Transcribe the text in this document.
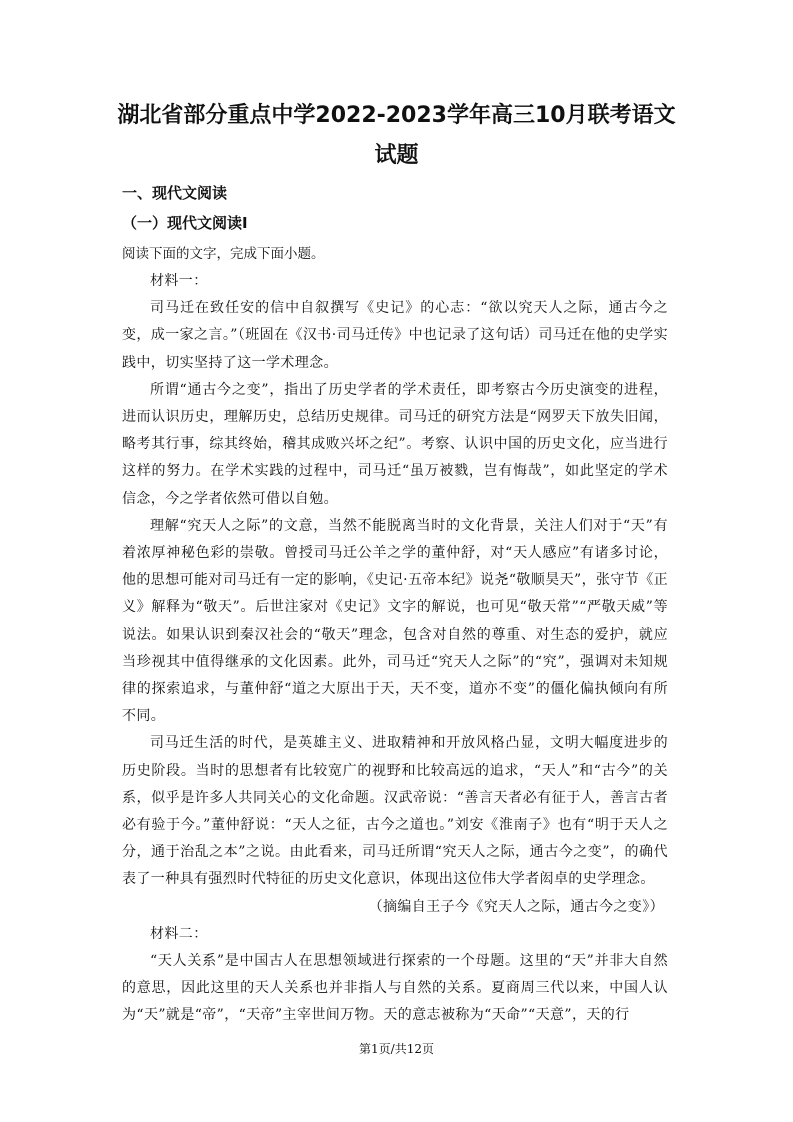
湖北省部分重点中学2022-2023学年高三10月联考语文试题
一、现代文阅读
（一）现代文阅读Ⅰ
阅读下面的文字，完成下面小题。

材料一：

司马迁在致任安的信中自叙撰写《史记》的心志：“欲以究天人之际，通古今之变，成一家之言。”（班固在《汉书·司马迁传》中也记录了这句话）司马迁在他的史学实践中，切实坚持了这一学术理念。

所谓“通古今之变”，指出了历史学者的学术责任，即考察古今历史演变的进程，进而认识历史，理解历史，总结历史规律。司马迁的研究方法是“网罗天下放失旧闻，略考其行事，综其终始，稽其成败兴坏之纪”。考察、认识中国的历史文化，应当进行这样的努力。在学术实践的过程中，司马迁“虽万被戮，岂有悔哉”，如此坚定的学术信念，今之学者依然可借以自勉。

理解“究天人之际”的文意，当然不能脱离当时的文化背景，关注人们对于“天”有着浓厚神秘色彩的崇敬。曾授司马迁公羊之学的董仲舒，对“天人感应”有诸多讨论，他的思想可能对司马迁有一定的影响，《史记·五帝本纪》说尧“敬顺昊天”，张守节《正义》解释为“敬天”。后世注家对《史记》文字的解说，也可见“敬天常”“严敬天威”等说法。如果认识到秦汉社会的“敬天”理念，包含对自然的尊重、对生态的爱护，就应当珍视其中值得继承的文化因素。此外，司马迁“究天人之际”的“究”，强调对未知规律的探索追求，与董仲舒“道之大原出于天，天不变，道亦不变”的僵化偏执倾向有所不同。

司马迁生活的时代，是英雄主义、进取精神和开放风格凸显，文明大幅度进步的历史阶段。当时的思想者有比较宽广的视野和比较高远的追求，“天人”和“古今”的关系，似乎是许多人共同关心的文化命题。汉武帝说：“善言天者必有征于人，善言古者必有验于今。”董仲舒说：“天人之征，古今之道也。”刘安《淮南子》也有“明于天人之分，通于治乱之本”之说。由此看来，司马迁所谓“究天人之际，通古今之变”，的确代表了一种具有强烈时代特征的历史文化意识，体现出这位伟大学者闳卓的史学理念。

（摘编自王子今《究天人之际，通古今之变》）

材料二：

“天人关系”是中国古人在思想领域进行探索的一个母题。这里的“天”并非大自然的意思，因此这里的天人关系也并非指人与自然的关系。夏商周三代以来，中国人认为“天”就是“帝”，“天帝”主宰世间万物。天的意志被称为“天命”“天意”，天的行

第1页/共12页
